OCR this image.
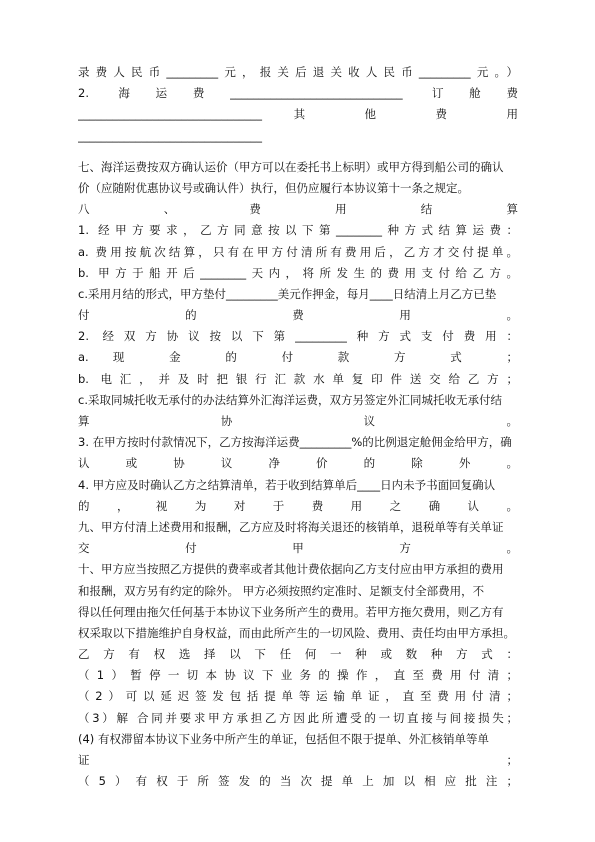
录费人民币_________元，报关后退关收人民币_________元。）
2. 海运费______________________________ 订舱费
________________________________ 其 他 费 用
________________________________
七、海洋运费按双方确认运价（甲方可以在委托书上标明）或甲方得到船公司的确认
价（应随附优惠协议号或确认件）执行，但仍应履行本协议第十一条之规定。
八 、 费 用 结 算
1. 经甲方要求，乙方同意按以下第________种方式结算运费：
a. 费用按航次结算，只有在甲方付清所有费用后，乙方才交付提单。
b. 甲方于船开后________天内，将所发生的费用支付给乙方。
c.采用月结的形式，甲方垫付_________美元作押金，每月____日结清上月乙方已垫
付 的 费 用 。
2. 经双方协议按以下第_________种方式支付费用：
a. 现 金 的 付 款 方 式 ；
b. 电汇，并及时把银行汇款水单复印件送交给乙方；
c.采取同城托收无承付的办法结算外汇海洋运费，双方另签定外汇同城托收无承付结
算 协 议 。
3. 在甲方按时付款情况下，乙方按海洋运费_________%的比例退定舱佣金给甲方，确
认 或 协 议 净 价 的 除 外 。
4. 甲方应及时确认乙方之结算清单，若于收到结算单后____日内未予书面回复确认
的 ， 视 为 对 于 费 用 之 确 认 。
九、甲方付清上述费用和报酬，乙方应及时将海关退还的核销单，退税单等有关单证
交 付 甲 方 。
十、甲方应当按照乙方提供的费率或者其他计费依据向乙方支付应由甲方承担的费用
和报酬，双方另有约定的除外。 甲方必须按照约定准时、足额支付全部费用，不
得以任何理由拖欠任何基于本协议下业务所产生的费用。若甲方拖欠费用，则乙方有
权采取以下措施维护自身权益，而由此所产生的一切风险、费用、责任均由甲方承担。
乙 方 有 权 选 择 以 下 任 何 一 种 或 数 种 方 式 ：
（1）暂停一切本协议下业务的操作，直至费用付清；
（2）可以延迟签发包括提单等运输单证，直至费用付清；
（3）解 合同并要求甲方承担乙方因此所遭受的一切直接与间接损失；
(4) 有权滞留本协议下业务中所产生的单证，包括但不限于提单、外汇核销单等单
证 ；
（5）有权于所签发的当次提单上加以相应批注；
